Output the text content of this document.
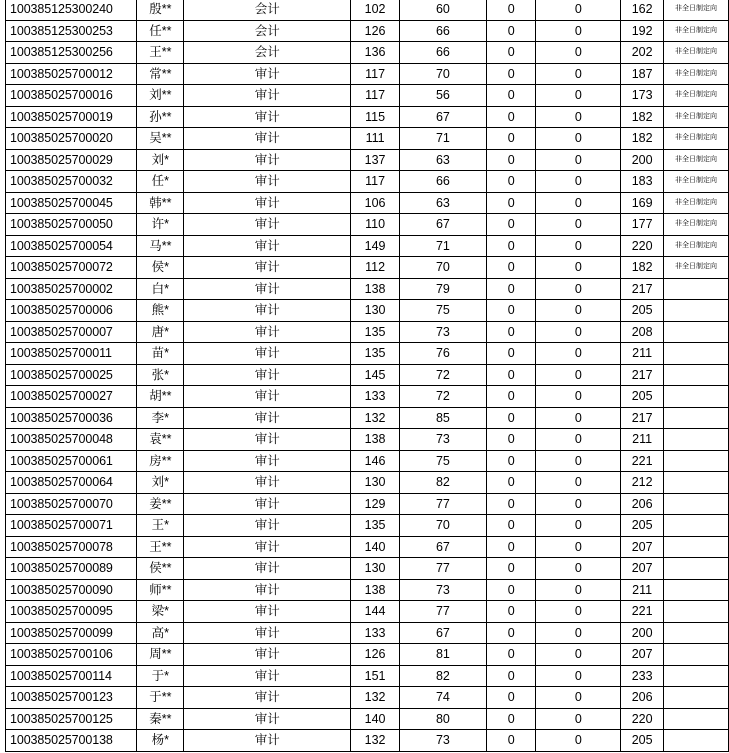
100385125300240	殷**	会计	102	60	0	0	162	非全日制定向
100385125300253	任**	会计	126	66	0	0	192	非全日制定向
100385125300256	王**	会计	136	66	0	0	202	非全日制定向
100385025700012	常**	审计	117	70	0	0	187	非全日制定向
100385025700016	刘**	审计	117	56	0	0	173	非全日制定向
100385025700019	孙**	审计	115	67	0	0	182	非全日制定向
100385025700020	吴**	审计	111	71	0	0	182	非全日制定向
100385025700029	刘*	审计	137	63	0	0	200	非全日制定向
100385025700032	任*	审计	117	66	0	0	183	非全日制定向
100385025700045	韩**	审计	106	63	0	0	169	非全日制定向
100385025700050	许*	审计	110	67	0	0	177	非全日制定向
100385025700054	马**	审计	149	71	0	0	220	非全日制定向
100385025700072	侯*	审计	112	70	0	0	182	非全日制定向
100385025700002	白*	审计	138	79	0	0	217	
100385025700006	熊*	审计	130	75	0	0	205	
100385025700007	唐*	审计	135	73	0	0	208	
100385025700011	苗*	审计	135	76	0	0	211	
100385025700025	张*	审计	145	72	0	0	217	
100385025700027	胡**	审计	133	72	0	0	205	
100385025700036	李*	审计	132	85	0	0	217	
100385025700048	袁**	审计	138	73	0	0	211	
100385025700061	房**	审计	146	75	0	0	221	
100385025700064	刘*	审计	130	82	0	0	212	
100385025700070	姜**	审计	129	77	0	0	206	
100385025700071	王*	审计	135	70	0	0	205	
100385025700078	王**	审计	140	67	0	0	207	
100385025700089	侯**	审计	130	77	0	0	207	
100385025700090	师**	审计	138	73	0	0	211	
100385025700095	梁*	审计	144	77	0	0	221	
100385025700099	高*	审计	133	67	0	0	200	
100385025700106	周**	审计	126	81	0	0	207	
100385025700114	于*	审计	151	82	0	0	233	
100385025700123	于**	审计	132	74	0	0	206	
100385025700125	秦**	审计	140	80	0	0	220	
100385025700138	杨*	审计	132	73	0	0	205	
